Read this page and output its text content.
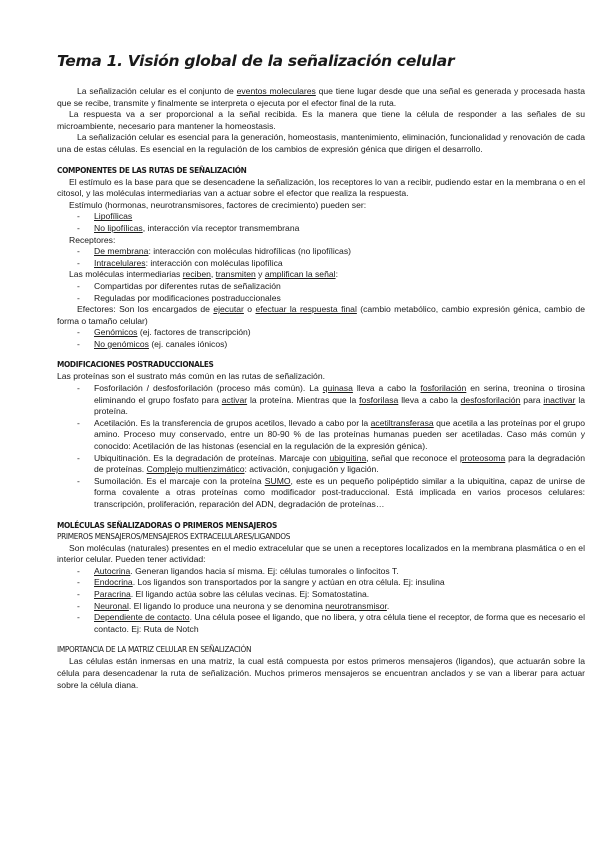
Tema 1. Visión global de la señalización celular

La señalización celular es el conjunto de eventos moleculares que tiene lugar desde que una señal es generada y procesada hasta que se recibe, transmite y finalmente se interpreta o ejecuta por el efector final de la ruta.

La respuesta va a ser proporcional a la señal recibida. Es la manera que tiene la célula de responder a las señales de su microambiente, necesario para mantener la homeostasis.

La señalización celular es esencial para la generación, homeostasis, mantenimiento, eliminación, funcionalidad y renovación de cada una de estas células. Es esencial en la regulación de los cambios de expresión génica que dirigen el desarrollo.

COMPONENTES DE LAS RUTAS DE SEÑALIZACIÓN

El estímulo es la base para que se desencadene la señalización, los receptores lo van a recibir, pudiendo estar en la membrana o en el citosol, y las moléculas intermediarias van a actuar sobre el efector que realiza la respuesta.

Estímulo (hormonas, neurotransmisores, factores de crecimiento) pueden ser:

- Lipofílicas
- No lipofílicas, interacción vía receptor transmembrana

Receptores:

- De membrana: interacción con moléculas hidrofílicas (no lipofílicas)
- Intracelulares: interacción con moléculas lipofílica

Las moléculas intermediarias reciben, transmiten y amplifican la señal:

- Compartidas por diferentes rutas de señalización
- Reguladas por modificaciones postraduccionales

Efectores: Son los encargados de ejecutar o efectuar la respuesta final (cambio metabólico, cambio expresión génica, cambio de forma o tamaño celular)

- Genómicos (ej. factores de transcripción)
- No genómicos (ej. canales iónicos)
MODIFICACIONES POSTRADUCCIONALES

Las proteínas son el sustrato más común en las rutas de señalización.

- Fosforilación / desfosforilación (proceso más común). La quinasa lleva a cabo la fosforilación en serina, treonina o tirosina eliminando el grupo fosfato para activar la proteína. Mientras que la fosforilasa lleva a cabo la desfosforilación para inactivar la proteína.
- Acetilación. Es la transferencia de grupos acetilos, llevado a cabo por la acetiltransferasa que acetila a las proteínas por el grupo amino. Proceso muy conservado, entre un 80-90 % de las proteínas humanas pueden ser acetiladas. Caso más común y conocido: Acetilación de las histonas (esencial en la regulación de la expresión génica).
- Ubiquitinación. Es la degradación de proteínas. Marcaje con ubiquitina, señal que reconoce el proteosoma para la degradación de proteínas. Complejo multienzimático: activación, conjugación y ligación.
- Sumoilación. Es el marcaje con la proteína SUMO, este es un pequeño polipéptido similar a la ubiquitina, capaz de unirse de forma covalente a otras proteínas como modificador post-traduccional. Está implicada en varios procesos celulares: transcripción, proliferación, reparación del ADN, degradación de proteínas…
MOLÉCULAS SEÑALIZADORAS O PRIMEROS MENSAJEROS
PRIMEROS MENSAJEROS/MENSAJEROS EXTRACELULARES/LIGANDOS

Son moléculas (naturales) presentes en el medio extracelular que se unen a receptores localizados en la membrana plasmática o en el interior celular. Pueden tener actividad:

- Autocrina. Generan ligandos hacia sí misma. Ej: células tumorales o linfocitos T.
- Endocrina. Los ligandos son transportados por la sangre y actúan en otra célula. Ej: insulina
- Paracrina. El ligando actúa sobre las células vecinas. Ej: Somatostatina.
- Neuronal. El ligando lo produce una neurona y se denomina neurotransmisor.
- Dependiente de contacto. Una célula posee el ligando, que no libera, y otra célula tiene el receptor, de forma que es necesario el contacto. Ej: Ruta de Notch
IMPORTANCIA DE LA MATRIZ CELULAR EN SEÑALIZACIÓN

Las células están inmersas en una matriz, la cual está compuesta por estos primeros mensajeros (ligandos), que actuarán sobre la célula para desencadenar la ruta de señalización. Muchos primeros mensajeros se encuentran anclados y se van a liberar para actuar sobre la célula diana.
